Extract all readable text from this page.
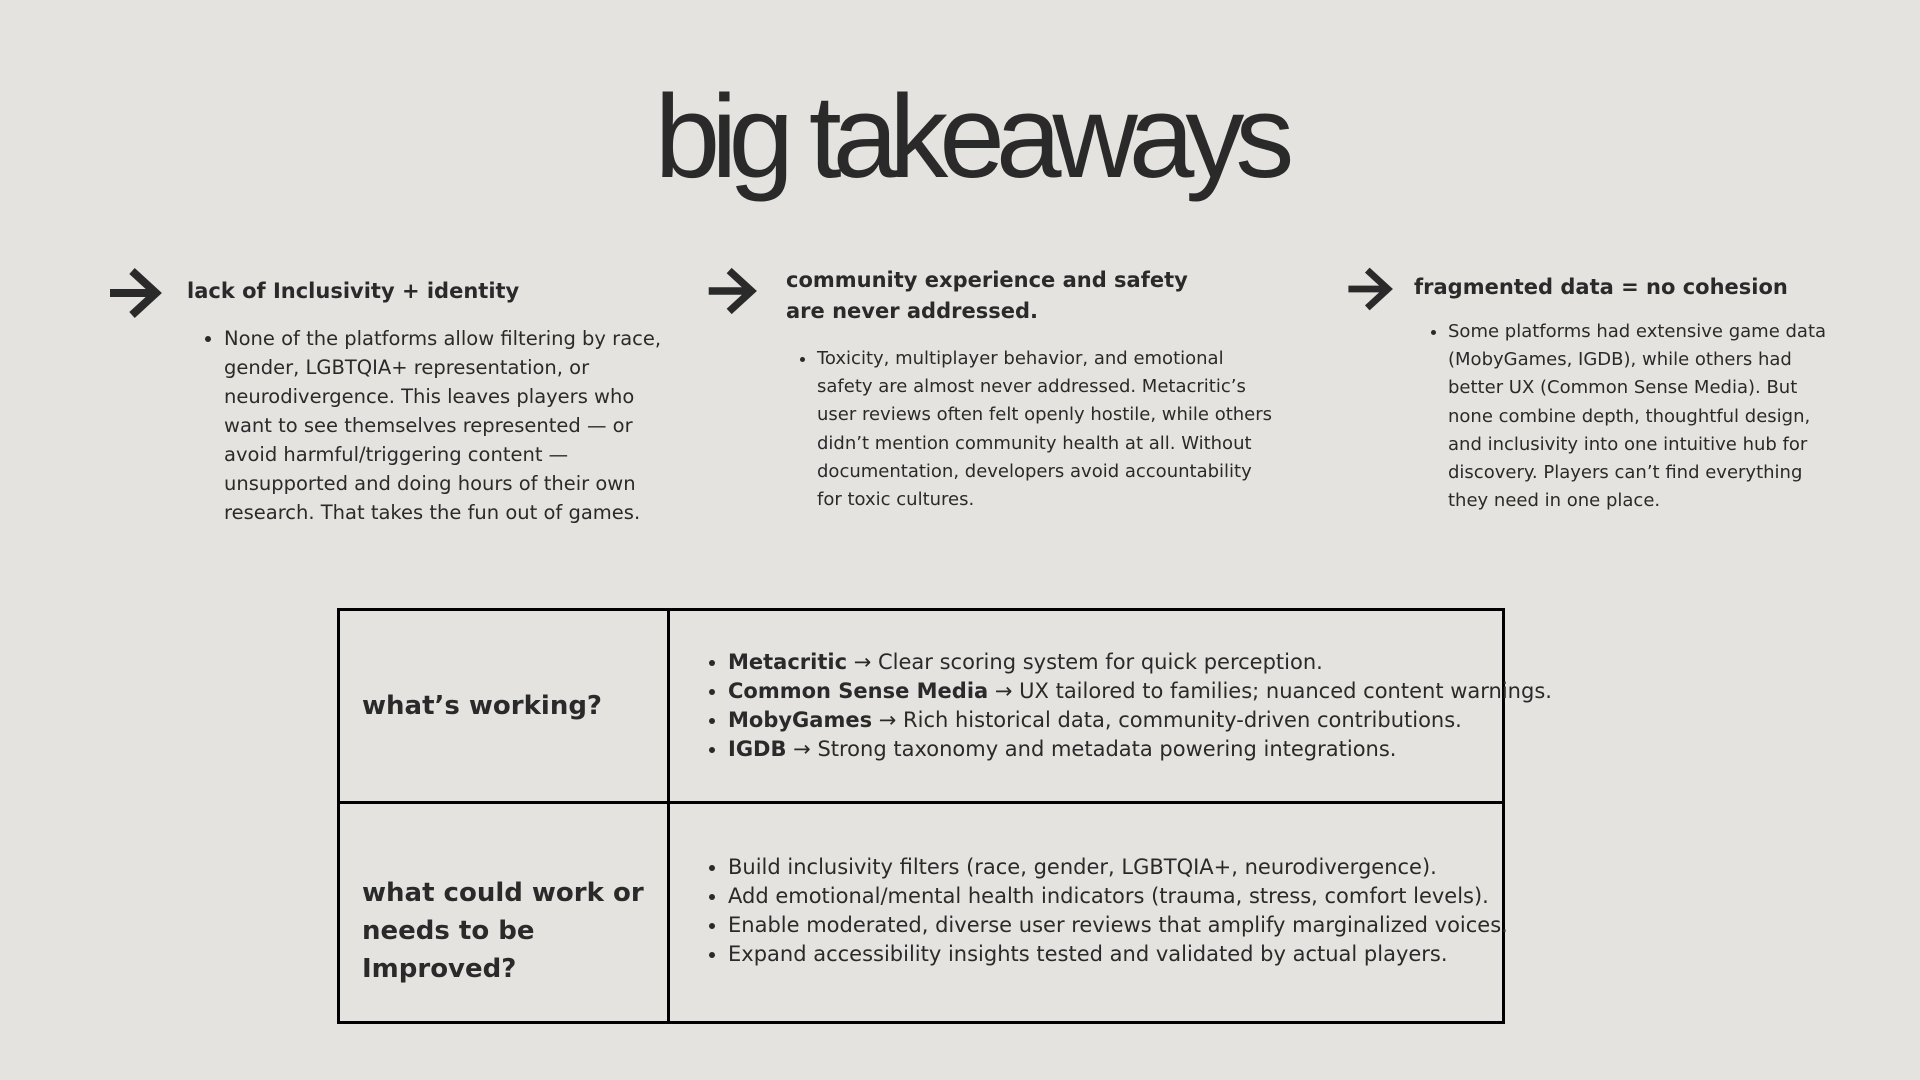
big takeaways
lack of Inclusivity + identity
• None of the platforms allow filtering by race, gender, LGBTQIA+ representation, or neurodivergence. This leaves players who want to see themselves represented — or avoid harmful/triggering content — unsupported and doing hours of their own research. That takes the fun out of games.
community experience and safety are never addressed.
• Toxicity, multiplayer behavior, and emotional safety are almost never addressed. Metacritic’s user reviews often felt openly hostile, while others didn’t mention community health at all. Without documentation, developers avoid accountability for toxic cultures.
fragmented data = no cohesion
• Some platforms had extensive game data (MobyGames, IGDB), while others had better UX (Common Sense Media). But none combine depth, thoughtful design, and inclusivity into one intuitive hub for discovery. Players can’t find everything they need in one place.
what’s working?
• Metacritic → Clear scoring system for quick perception.
• Common Sense Media → UX tailored to families; nuanced content warnings.
• MobyGames → Rich historical data, community-driven contributions.
• IGDB → Strong taxonomy and metadata powering integrations.
what could work or needs to be Improved?
• Build inclusivity filters (race, gender, LGBTQIA+, neurodivergence).
• Add emotional/mental health indicators (trauma, stress, comfort levels).
• Enable moderated, diverse user reviews that amplify marginalized voices.
• Expand accessibility insights tested and validated by actual players.
